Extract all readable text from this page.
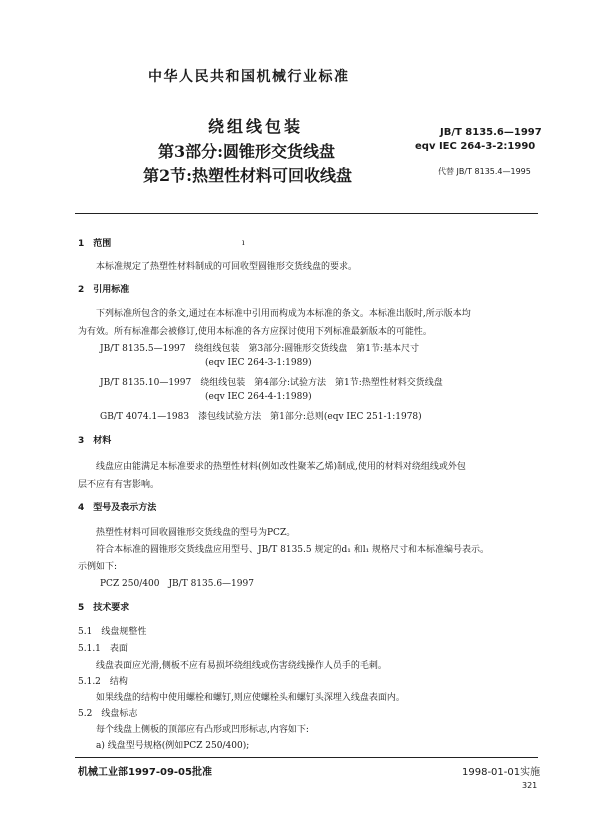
中华人民共和国机械行业标准
绕组线包装
第3部分:圆锥形交货线盘
第2节:热塑性材料可回收线盘
JB/T 8135.6—1997
eqv IEC 264-3-2:1990
代替 JB/T 8135.4—1995
1　范围	ı
本标准规定了热塑性材料制成的可回收型圆锥形交货线盘的要求。
2　引用标准
下列标准所包含的条文,通过在本标准中引用而构成为本标准的条文。本标准出版时,所示版本均
为有效。所有标准都会被修订,使用本标准的各方应探讨使用下列标准最新版本的可能性。
JB/T 8135.5—1997　绕组线包装　第3部分:圆锥形交货线盘　第1节:基本尺寸
(eqv IEC 264-3-1:1989)
JB/T 8135.10—1997　绕组线包装　第4部分:试验方法　第1节:热塑性材料交货线盘
(eqv IEC 264-4-1:1989)
GB/T 4074.1—1983　漆包线试验方法　第1部分:总则(eqv IEC 251-1:1978)
3　材料
线盘应由能满足本标准要求的热塑性材料(例如改性聚苯乙烯)制成,使用的材料对绕组线或外包
层不应有有害影响。
4　型号及表示方法
热塑性材料可回收圆锥形交货线盘的型号为PCZ。
符合本标准的圆锥形交货线盘应用型号、JB/T 8135.5 规定的d₁ 和l₁ 规格尺寸和本标准编号表示。
示例如下:
PCZ 250/400　JB/T 8135.6—1997
5　技术要求
5.1　线盘规整性
5.1.1　表面
线盘表面应光滑,侧板不应有易损坏绕组线或伤害绕线操作人员手的毛刺。
5.1.2　结构
如果线盘的结构中使用螺栓和螺钉,则应使螺栓头和螺钉头深埋入线盘表面内。
5.2　线盘标志
每个线盘上侧板的顶部应有凸形或凹形标志,内容如下:
a) 线盘型号规格(例如PCZ 250/400);
机械工业部1997-09-05批准	1998-01-01实施
321
